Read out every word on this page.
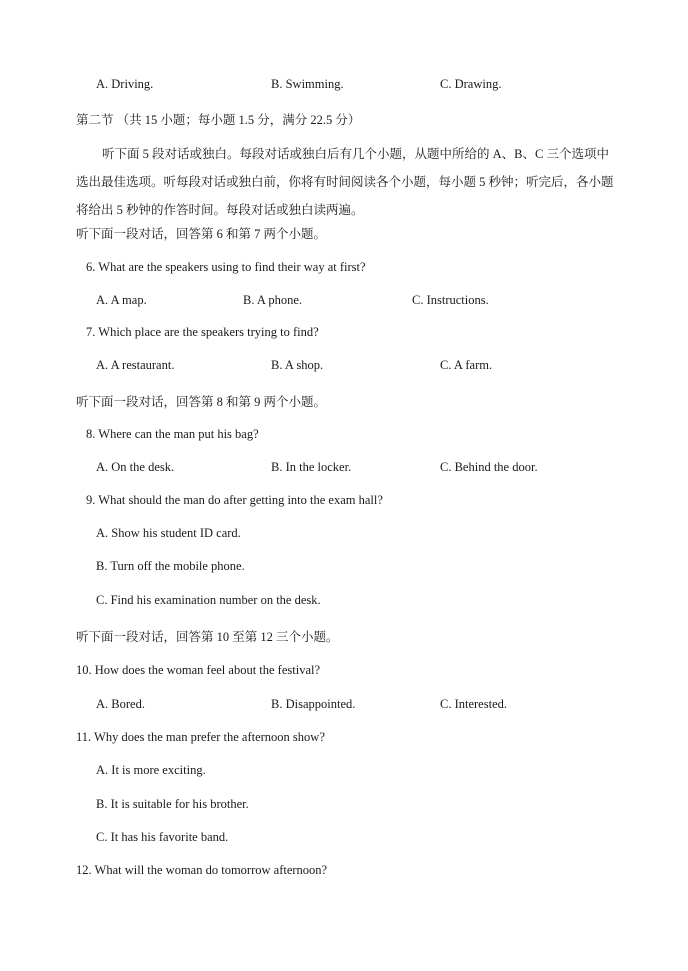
A. Driving.	B. Swimming.	C. Drawing.
第二节 （共 15 小题；每小题 1.5 分，满分 22.5 分）
听下面 5 段对话或独白。每段对话或独白后有几个小题，从题中所给的 A、B、C 三个选项中选出最佳选项。听每段对话或独白前，你将有时间阅读各个小题，每小题 5 秒钟；听完后，各小题将给出 5 秒钟的作答时间。每段对话或独白读两遍。
听下面一段对话，回答第 6 和第 7 两个小题。
6. What are the speakers using to find their way at first?
A. A map.	B. A phone.	C. Instructions.
7. Which place are the speakers trying to find?
A. A restaurant.	B. A shop.	C. A farm.
听下面一段对话，回答第 8 和第 9 两个小题。
8. Where can the man put his bag?
A. On the desk.	B. In the locker.	C. Behind the door.
9. What should the man do after getting into the exam hall?
A. Show his student ID card.
B. Turn off the mobile phone.
C. Find his examination number on the desk.
听下面一段对话，回答第 10 至第 12 三个小题。
10. How does the woman feel about the festival?
A. Bored.	B. Disappointed.	C. Interested.
11. Why does the man prefer the afternoon show?
A. It is more exciting.
B. It is suitable for his brother.
C. It has his favorite band.
12. What will the woman do tomorrow afternoon?
